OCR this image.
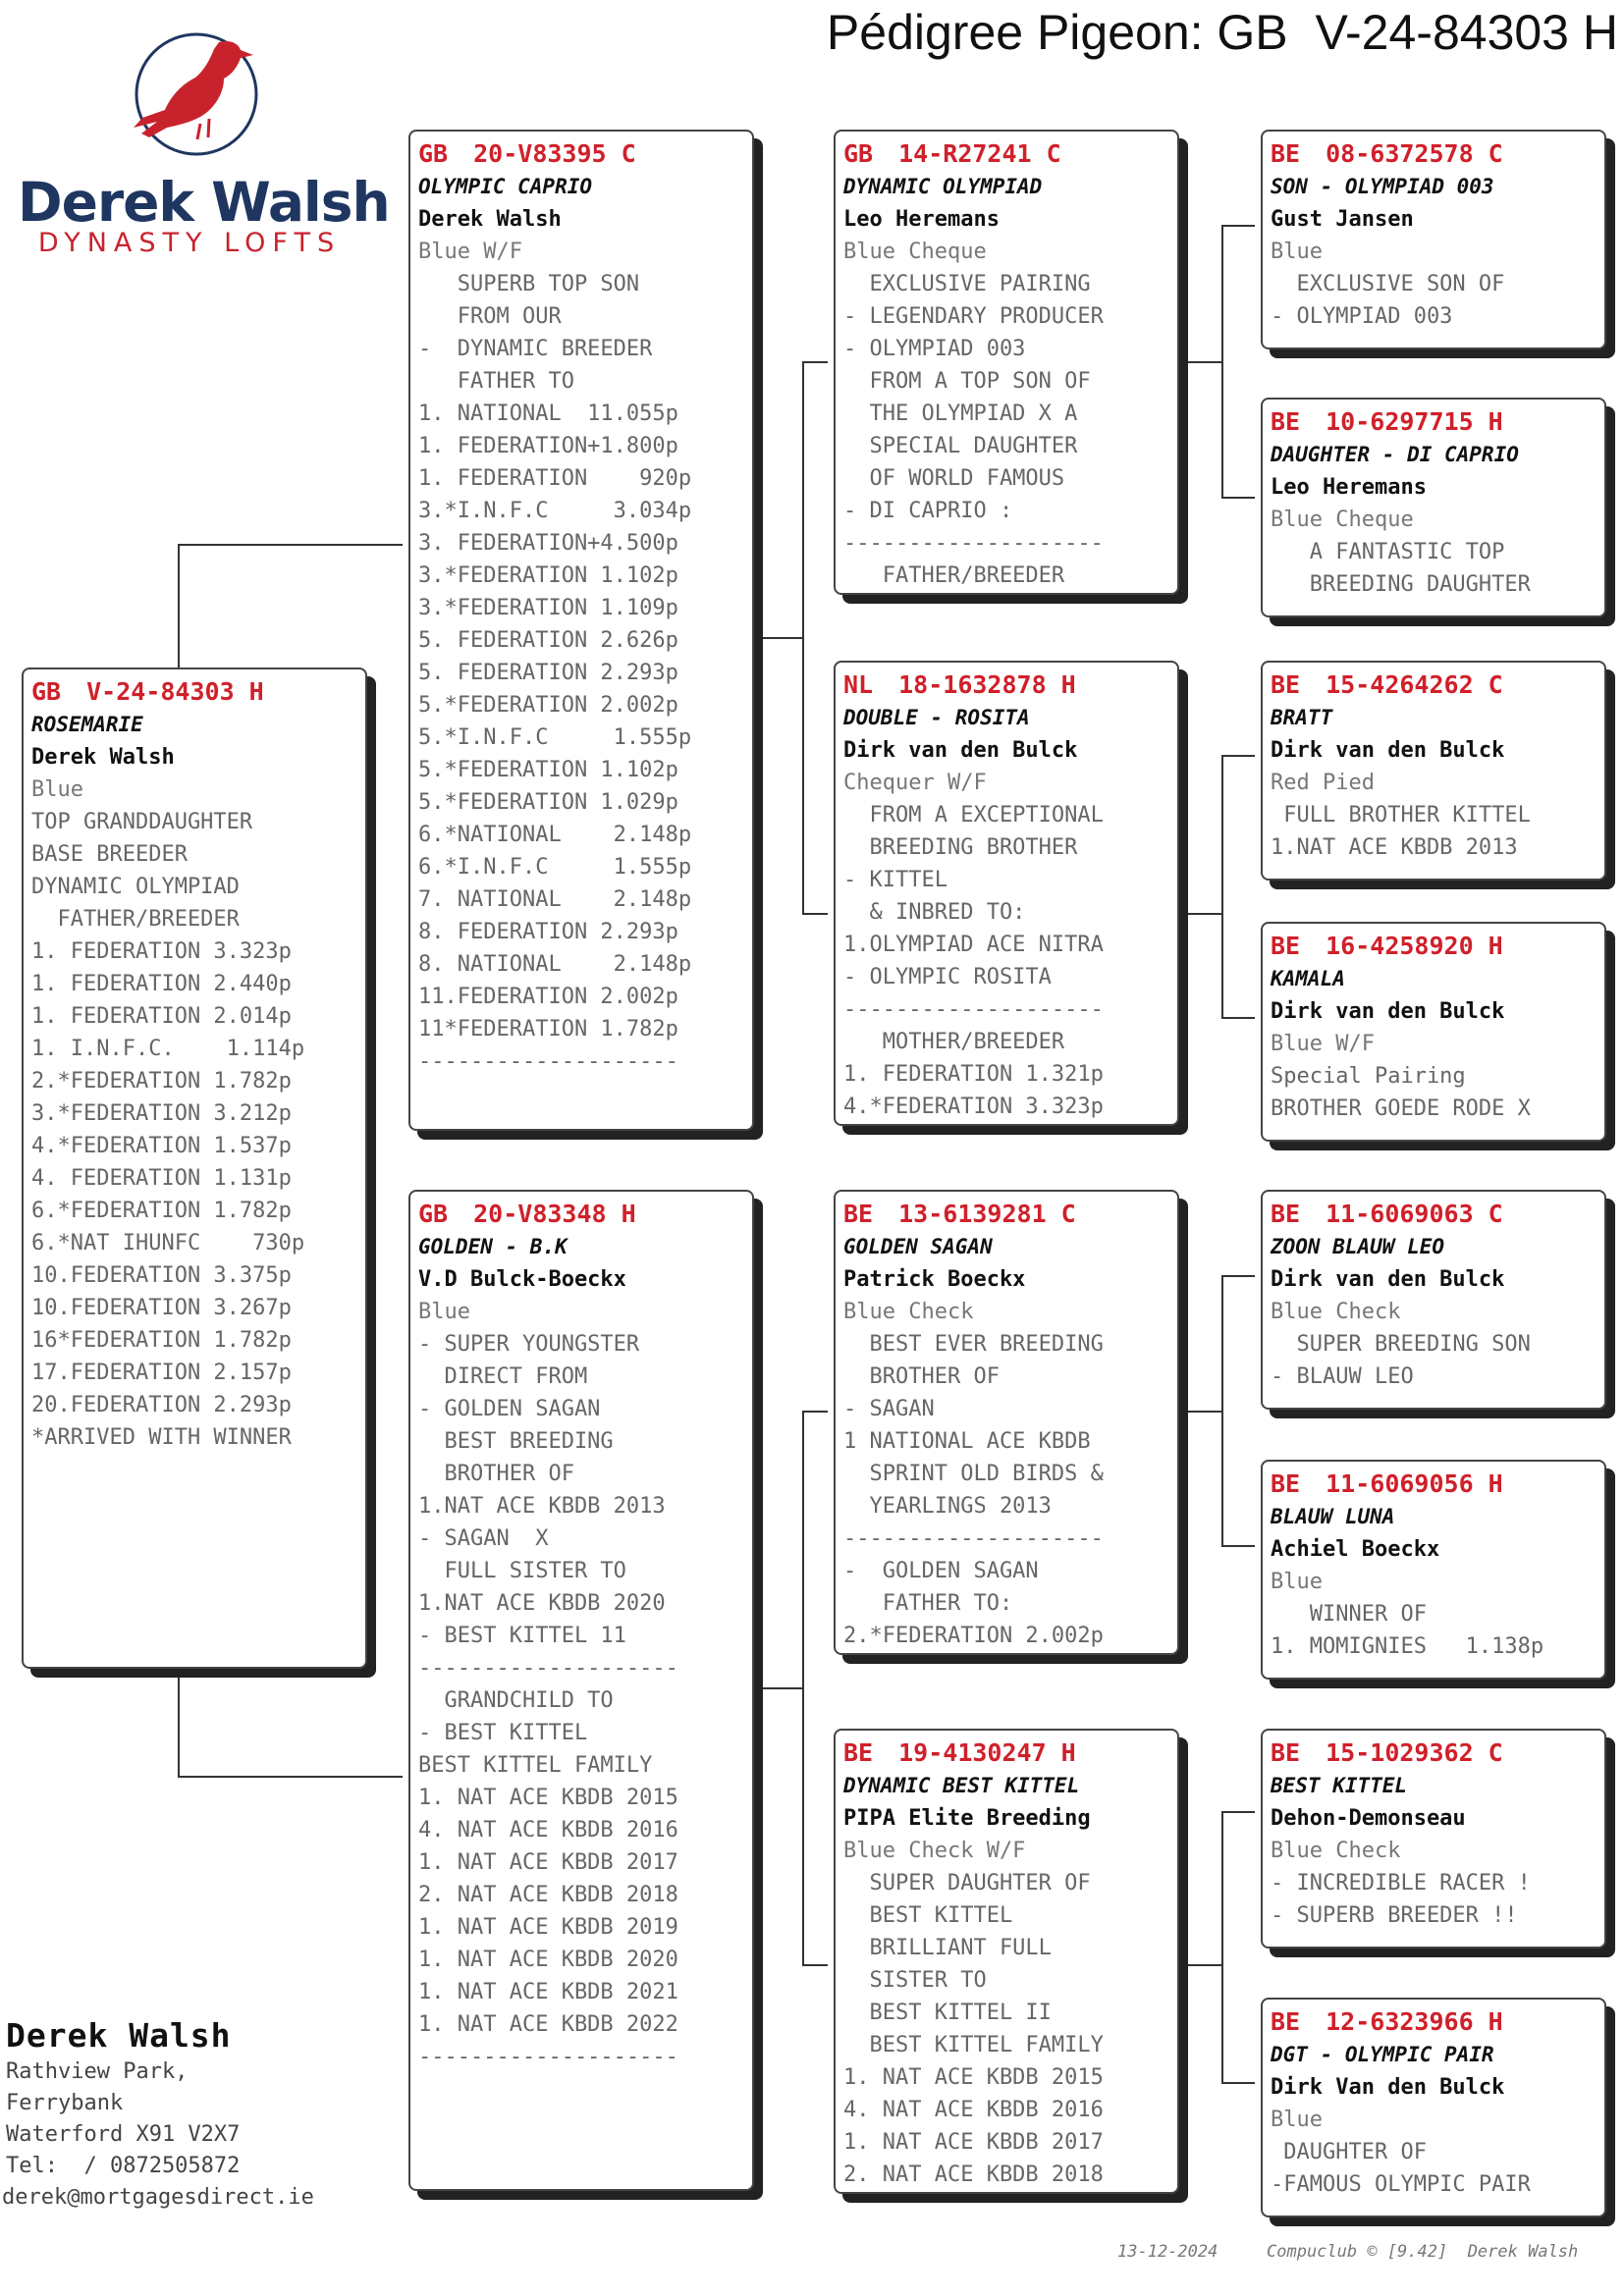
Pédigree Pigeon: GB  V-24-84303 H
Derek Walsh
DYNASTY LOFTS
GB V-24-84303 H
ROSEMARIE
Derek Walsh
Blue
TOP GRANDDAUGHTER
BASE BREEDER
DYNAMIC OLYMPIAD
FATHER/BREEDER
1. FEDERATION 3.323p
1. FEDERATION 2.440p
1. FEDERATION 2.014p
1. I.N.F.C.    1.114p
2.*FEDERATION 1.782p
3.*FEDERATION 3.212p
4.*FEDERATION 1.537p
4. FEDERATION 1.131p
6.*FEDERATION 1.782p
6.*NAT IHUNFC    730p
10.FEDERATION 3.375p
10.FEDERATION 3.267p
16*FEDERATION 1.782p
17.FEDERATION 2.157p
20.FEDERATION 2.293p
*ARRIVED WITH WINNER
GB 20-V83395 C
OLYMPIC CAPRIO
Derek Walsh
Blue W/F
SUPERB TOP SON
FROM OUR
-  DYNAMIC BREEDER
FATHER TO
1. NATIONAL  11.055p
1. FEDERATION+1.800p
1. FEDERATION    920p
3.*I.N.F.C     3.034p
3. FEDERATION+4.500p
3.*FEDERATION 1.102p
3.*FEDERATION 1.109p
5. FEDERATION 2.626p
5. FEDERATION 2.293p
5.*FEDERATION 2.002p
5.*I.N.F.C     1.555p
5.*FEDERATION 1.102p
5.*FEDERATION 1.029p
6.*NATIONAL    2.148p
6.*I.N.F.C     1.555p
7. NATIONAL    2.148p
8. FEDERATION 2.293p
8. NATIONAL    2.148p
11.FEDERATION 2.002p
11*FEDERATION 1.782p
--------------------
GB 20-V83348 H
GOLDEN - B.K
V.D Bulck-Boeckx
Blue
- SUPER YOUNGSTER
DIRECT FROM
- GOLDEN SAGAN
BEST BREEDING
BROTHER OF
1.NAT ACE KBDB 2013
- SAGAN  X
FULL SISTER TO
1.NAT ACE KBDB 2020
- BEST KITTEL 11
--------------------
GRANDCHILD TO
- BEST KITTEL
BEST KITTEL FAMILY
1. NAT ACE KBDB 2015
4. NAT ACE KBDB 2016
1. NAT ACE KBDB 2017
2. NAT ACE KBDB 2018
1. NAT ACE KBDB 2019
1. NAT ACE KBDB 2020
1. NAT ACE KBDB 2021
1. NAT ACE KBDB 2022
--------------------
GB 14-R27241 C
DYNAMIC OLYMPIAD
Leo Heremans
Blue Cheque
EXCLUSIVE PAIRING
- LEGENDARY PRODUCER
- OLYMPIAD 003
FROM A TOP SON OF
THE OLYMPIAD X A
SPECIAL DAUGHTER
OF WORLD FAMOUS
- DI CAPRIO :
--------------------
FATHER/BREEDER
NL 18-1632878 H
DOUBLE - ROSITA
Dirk van den Bulck
Chequer W/F
FROM A EXCEPTIONAL
BREEDING BROTHER
- KITTEL
& INBRED TO:
1.OLYMPIAD ACE NITRA
- OLYMPIC ROSITA
--------------------
MOTHER/BREEDER
1. FEDERATION 1.321p
4.*FEDERATION 3.323p
BE 13-6139281 C
GOLDEN SAGAN
Patrick Boeckx
Blue Check
BEST EVER BREEDING
BROTHER OF
- SAGAN
1 NATIONAL ACE KBDB
SPRINT OLD BIRDS &
YEARLINGS 2013
--------------------
-  GOLDEN SAGAN
FATHER TO:
2.*FEDERATION 2.002p
BE 19-4130247 H
DYNAMIC BEST KITTEL
PIPA Elite Breeding
Blue Check W/F
SUPER DAUGHTER OF
BEST KITTEL
BRILLIANT FULL
SISTER TO
BEST KITTEL II
BEST KITTEL FAMILY
1. NAT ACE KBDB 2015
4. NAT ACE KBDB 2016
1. NAT ACE KBDB 2017
2. NAT ACE KBDB 2018
BE 08-6372578 C
SON - OLYMPIAD 003
Gust Jansen
Blue
EXCLUSIVE SON OF
- OLYMPIAD 003
BE 10-6297715 H
DAUGHTER - DI CAPRIO
Leo Heremans
Blue Cheque
A FANTASTIC TOP
BREEDING DAUGHTER
BE 15-4264262 C
BRATT
Dirk van den Bulck
Red Pied
FULL BROTHER KITTEL
1.NAT ACE KBDB 2013
BE 16-4258920 H
KAMALA
Dirk van den Bulck
Blue W/F
Special Pairing
BROTHER GOEDE RODE X
BE 11-6069063 C
ZOON BLAUW LEO
Dirk van den Bulck
Blue Check
SUPER BREEDING SON
- BLAUW LEO
BE 11-6069056 H
BLAUW LUNA
Achiel Boeckx
Blue
WINNER OF
1. MOMIGNIES   1.138p
BE 15-1029362 C
BEST KITTEL
Dehon-Demonseau
Blue Check
- INCREDIBLE RACER !
- SUPERB BREEDER !!
BE 12-6323966 H
DGT - OLYMPIC PAIR
Dirk Van den Bulck
Blue
DAUGHTER OF
-FAMOUS OLYMPIC PAIR
Derek Walsh
Rathview Park,
Ferrybank
Waterford X91 V2X7
Tel:  / 0872505872
derek@mortgagesdirect.ie
13-12-2024	Compuclub © [9.42]  Derek Walsh
